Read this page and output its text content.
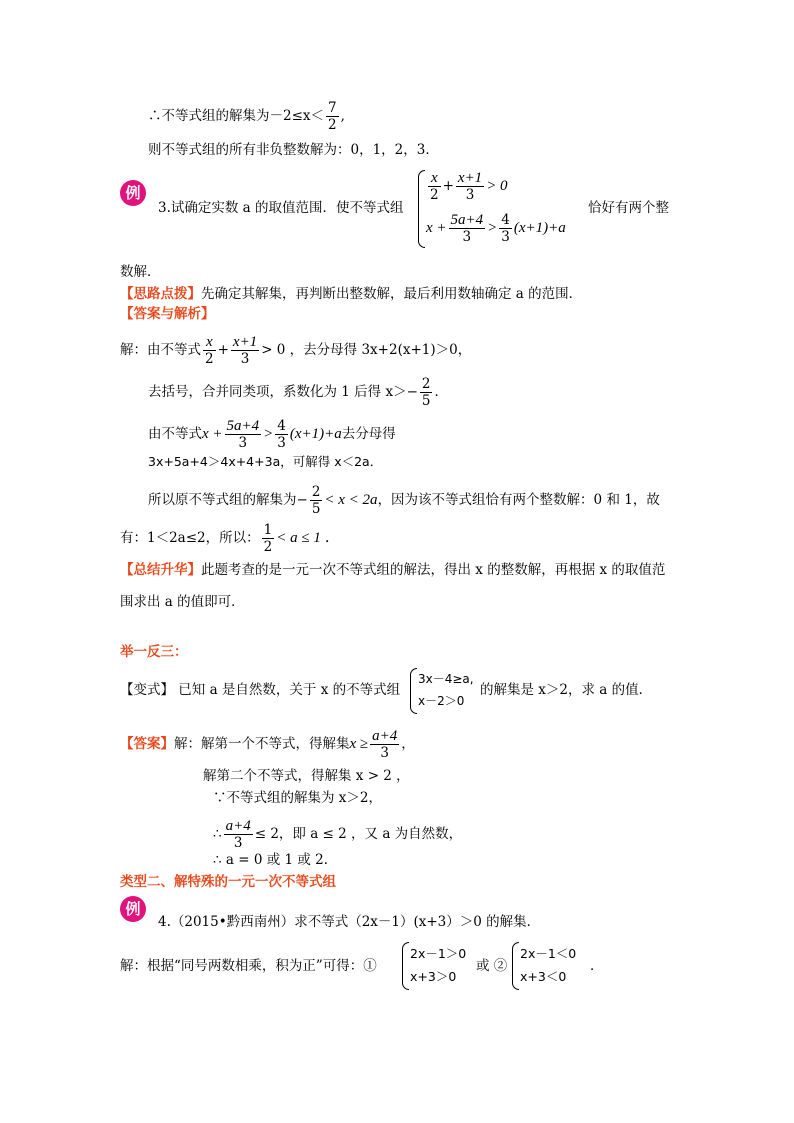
∴不等式组的解集为$-2\le x< \frac{7}{2}$ ,
则不等式组的所有非负整数解为：0，1，2，3．
例
3.试确定实数 a 的取值范围．使不等式组
$\frac{x}{2} + \frac{x+1}{3} > 0$
$x + \frac{5a+4}{3} > \frac{4}{3} (x+1)+a$
恰好有两个整
数解．
【思路点拨】先确定其解集，再判断出整数解，最后利用数轴确定 a 的范围．
【答案与解析】
解：由不等式 $\frac{x}{2} + \frac{x+1}{3} > 0$ ，去分母得 3x+2(x+1)＞0，
去括号，合并同类项，系数化为 1 后得 $x>- \frac{2}{5}$ ．
由不等式$x + \frac{5a+4}{3} > \frac{4}{3} (x+1)+a$去分母得
3x+5a+4＞4x+4+3a，可解得 x＜2a．
所以原不等式组的解集为− $\frac{2}{5} < x < 2a$，因为该不等式组恰有两个整数解：0 和 1，故
有：1＜2a≤2，所以： $\frac{1}{2} < a \le 1$ ．
【总结升华】此题考查的是一元一次不等式组的解法，得出 x 的整数解，再根据 x 的取值范
围求出 a 的值即可．
举一反三：
【变式】 已知 a 是自然数，关于 x 的不等式组
3x－4≥a,
x－2＞0
的解集是 x＞2，求 a 的值．
【答案】解：解第一个不等式，得解集$x \ge \frac{a+4}{3}$ ，
解第二个不等式，得解集 x > 2 ，
∵不等式组的解集为 x＞2，
∴ $\frac{a+4}{3} \le 2$，即 a ≤ 2 ，又 a 为自然数，
∴ a = 0 或 1 或 2．
类型二、解特殊的一元一次不等式组
例
4.（2015•黔西南州）求不等式（2x－1）(x+3）＞0 的解集．
解：根据“同号两数相乘，积为正”可得：①
2x－1＞0
x+3＞0
或 ②
2x－1＜0
x+3＜0
．
